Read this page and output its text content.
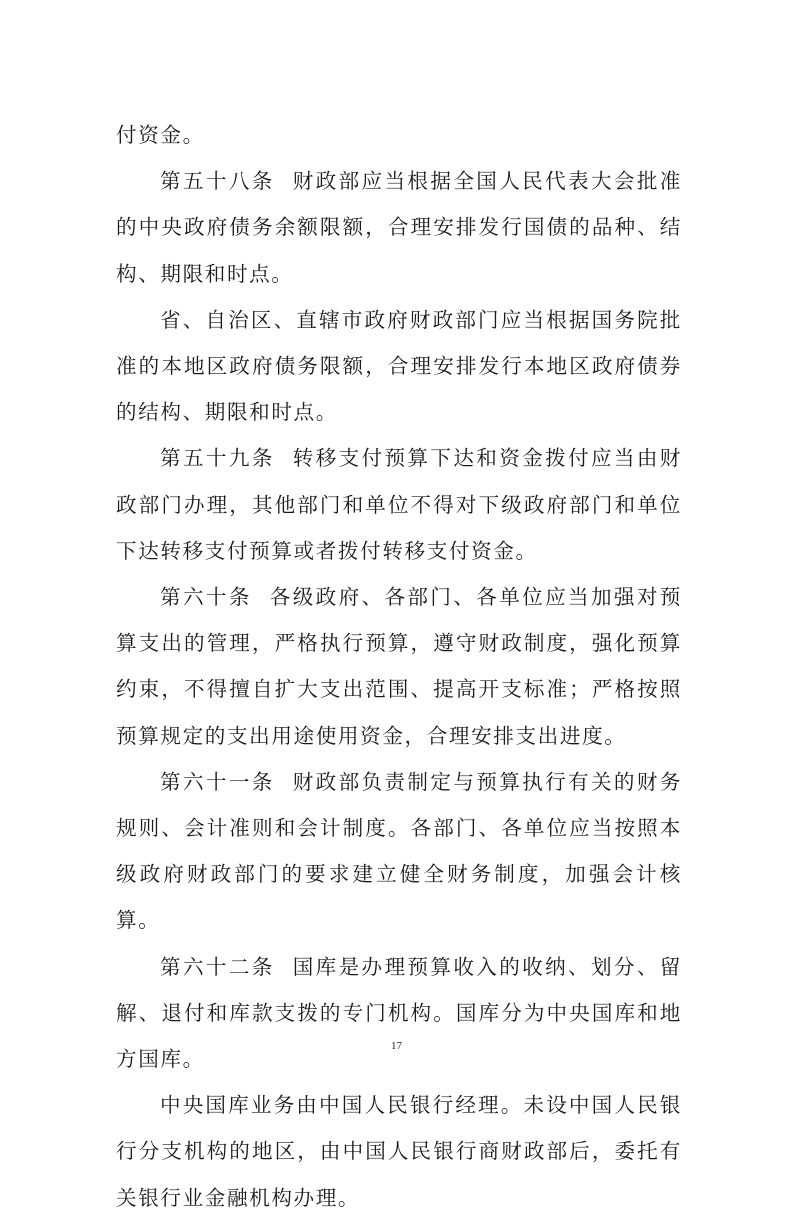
付资金。

第五十八条 财政部应当根据全国人民代表大会批准的中央政府债务余额限额，合理安排发行国债的品种、结构、期限和时点。

省、自治区、直辖市政府财政部门应当根据国务院批准的本地区政府债务限额，合理安排发行本地区政府债券的结构、期限和时点。

第五十九条 转移支付预算下达和资金拨付应当由财政部门办理，其他部门和单位不得对下级政府部门和单位下达转移支付预算或者拨付转移支付资金。

第六十条 各级政府、各部门、各单位应当加强对预算支出的管理，严格执行预算，遵守财政制度，强化预算约束，不得擅自扩大支出范围、提高开支标准；严格按照预算规定的支出用途使用资金，合理安排支出进度。

第六十一条 财政部负责制定与预算执行有关的财务规则、会计准则和会计制度。各部门、各单位应当按照本级政府财政部门的要求建立健全财务制度，加强会计核算。

第六十二条 国库是办理预算收入的收纳、划分、留解、退付和库款支拨的专门机构。国库分为中央国库和地方国库。

中央国库业务由中国人民银行经理。未设中国人民银行分支机构的地区，由中国人民银行商财政部后，委托有关银行业金融机构办理。

17
